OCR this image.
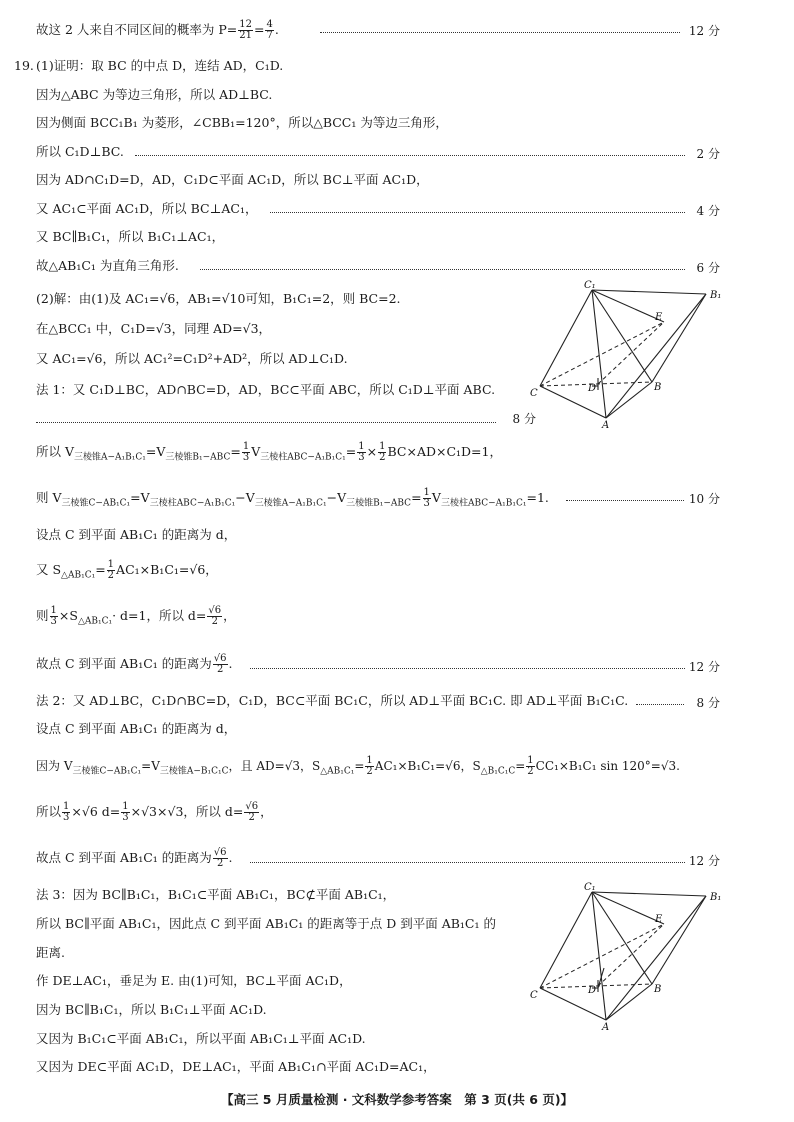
故这 2 人来自不同区间的概率为 $P= \frac{12}{21} = \frac{4}{7}$ .	12 分
19. (1)证明：取 BC 的中点 D，连结 AD，C₁D.
因为△ABC 为等边三角形，所以 AD⊥BC.
因为侧面 BCC₁B₁ 为菱形，∠CBB₁=120°，所以△BCC₁ 为等边三角形，
所以 C₁D⊥BC.	2 分
因为 AD∩C₁D=D，AD，C₁D⊂平面 AC₁D，所以 BC⊥平面 AC₁D，
又 AC₁⊂平面 AC₁D，所以 BC⊥AC₁，	4 分
又 BC∥B₁C₁，所以 B₁C₁⊥AC₁，
故△AB₁C₁ 为直角三角形.	6 分
(2)解：由(1)及 AC₁=√6，AB₁=√10可知，B₁C₁=2，则 BC=2.
在△BCC₁ 中，C₁D=√3，同理 AD=√3，
又 AC₁=√6，所以 AC₁²=C₁D²+AD²，所以 AD⊥C₁D.
法 1：又 C₁D⊥BC，AD∩BC=D，AD，BC⊂平面 ABC，所以 C₁D⊥平面 ABC.
8 分
C₁
B₁
C
B
D
A
E
所以 $V_{三棱锥A-A_1B_1C_1}=V_{三棱锥B_1-ABC}= \frac{1}{3} V_{三棱柱ABC-A_1B_1C_1}= \frac{1}{3} \times \frac{1}{2} BC\times AD\times C_1D=1$，
则 $V_{三棱锥C-AB_1C_1}=V_{三棱柱ABC-A_1B_1C_1}-V_{三棱锥A-A_1B_1C_1}-V_{三棱锥B_1-ABC}= \frac{1}{3} V_{三棱柱ABC-A_1B_1C_1}=1$.	10 分
设点 C 到平面 AB₁C₁ 的距离为 d，
又 $S_{\triangle AB_1C_1}= \frac{1}{2} AC_1\times B_1C_1=√6$，
则 $\frac{1}{3} \times S_{\triangle AB_1C_1}\cdot d=1$，所以 $d= \frac{√6}{2}$ ，
故点 C 到平面 AB₁C₁ 的距离为 $\frac{√6}{2}$ .	12 分
法 2：又 AD⊥BC，C₁D∩BC=D，C₁D，BC⊂平面 BC₁C，所以 AD⊥平面 BC₁C. 即 AD⊥平面 B₁C₁C.	8 分
设点 C 到平面 AB₁C₁ 的距离为 d，
因为 $V_{三棱锥C-AB_1C_1}=V_{三棱锥A-B_1C_1C}$，且 AD=√3，$S_{\triangle AB_1C_1}= \frac{1}{2} AC_1\times B_1C_1=√6$，$S_{\triangle B_1C_1C}= \frac{1}{2} CC_1\times B_1C_1$ sin 120°=√3.
所以 $\frac{1}{3} \times√6$ $d= \frac{1}{3} \times√3\times√3$，所以 $d= \frac{√6}{2}$ ，
故点 C 到平面 AB₁C₁ 的距离为 $\frac{√6}{2}$ .	12 分
法 3：因为 BC∥B₁C₁，B₁C₁⊂平面 AB₁C₁，BC⊄平面 AB₁C₁，
所以 BC∥平面 AB₁C₁，因此点 C 到平面 AB₁C₁ 的距离等于点 D 到平面 AB₁C₁ 的
距离.
作 DE⊥AC₁，垂足为 E. 由(1)可知，BC⊥平面 AC₁D，
因为 BC∥B₁C₁，所以 B₁C₁⊥平面 AC₁D.
又因为 B₁C₁⊂平面 AB₁C₁，所以平面 AB₁C₁⊥平面 AC₁D.
又因为 DE⊂平面 AC₁D，DE⊥AC₁，平面 AB₁C₁∩平面 AC₁D=AC₁，
C₁
B₁
C
B
D
A
E
【高三 5 月质量检测 · 文科数学参考答案　第 3 页(共 6 页)】
